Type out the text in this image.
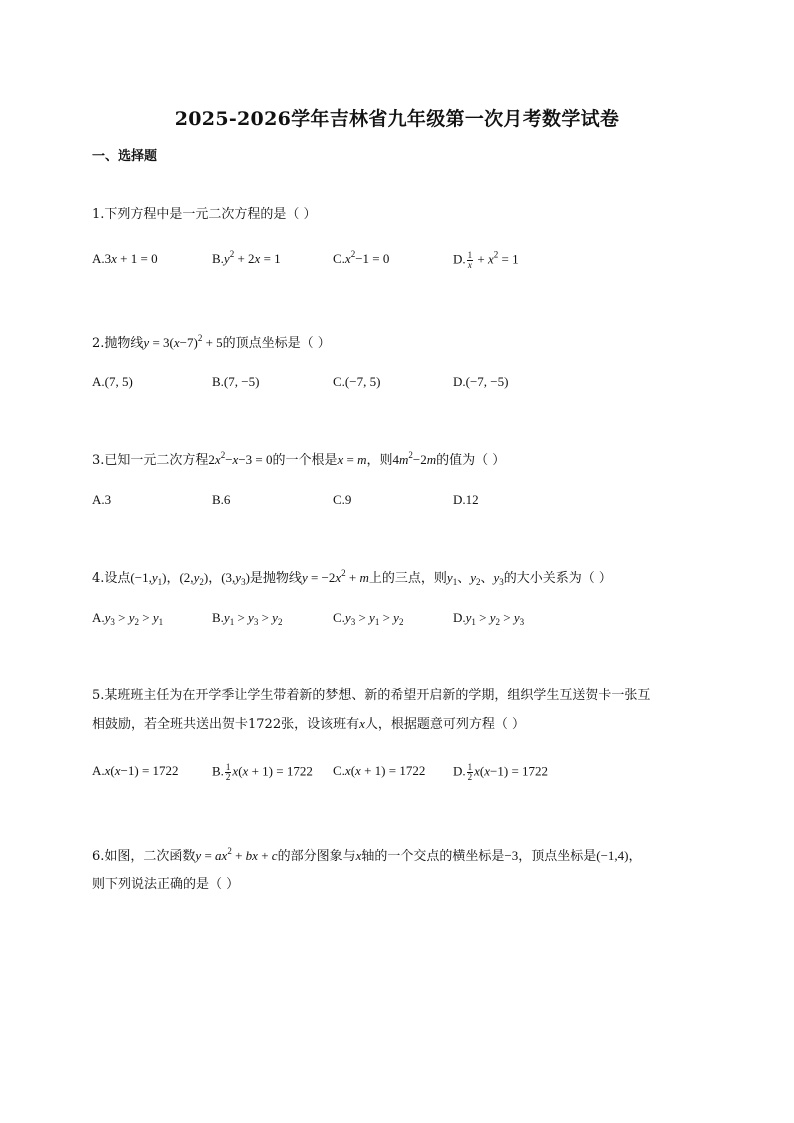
2025-2026学年吉林省九年级第一次月考数学试卷
一、选择题
1.下列方程中是一元二次方程的是（ ）
A.3x + 1 = 0	$B.y^2 + 2x = 1$	$C.x^2-1 = 0$	D. $\frac{1}{x} + x^2 = 1$
2.抛物线$y = 3(x-7)^2 + 5$的顶点坐标是（ ）
A.(7, 5)	B.(7, −5)	C.(−7, 5)	D.(−7, −5)
3.已知一元二次方程$2x^2-x-3 = 0$的一个根是x = m，则$4m^2-2m$的值为（ ）
A.3	B.6	C.9	D.12
4.设点$(-1,y_1)$，$(2,y_2)$，$(3,y_3)$是抛物线$y = -2x^2 + m$上的三点，则$y_1$、$y_2$、$y_3$的大小关系为（ ）
$A.y_3 > y_2 > y_1$	$B.y_1 > y_3 > y_2$	$C.y_3 > y_1 > y_2$	$D.y_1 > y_2 > y_3$
5.某班班主任为在开学季让学生带着新的梦想、新的希望开启新的学期，组织学生互送贺卡一张互
相鼓励，若全班共送出贺卡1722张，设该班有x人，根据题意可列方程（ ）
A.x(x−1) = 1722	B. $\frac{1}{2} x(x + 1) = 1722$ C.x(x + 1) = 1722 D. $\frac{1}{2} x(x-1) = 1722$
6.如图，二次函数$y = ax^2$ + bx + c的部分图象与x轴的一个交点的横坐标是−3，顶点坐标是(−1,4)，
则下列说法正确的是（ ）
